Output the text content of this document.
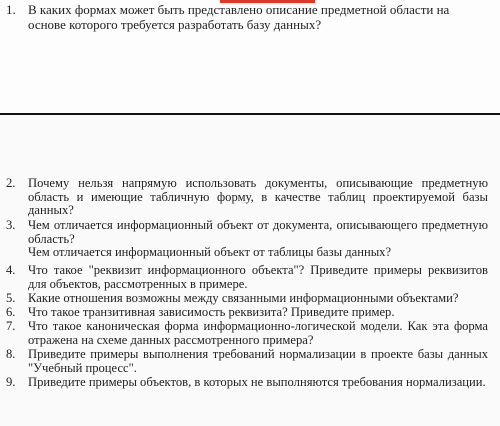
1. В каких формах может быть представлено описание предметной области на основе которого требуется разработать базу данных?
2. Почему нельзя напрямую использовать документы, описывающие предметную область и имеющие табличную форму, в качестве таблиц проектируемой базы данных?
3. Чем отличается информационный объект от документа, описывающего предметную область?
Чем отличается информационный объект от таблицы базы данных?
4. Что такое "реквизит информационного объекта"? Приведите примеры реквизитов для объектов, рассмотренных в примере.
5. Какие отношения возможны между связанными информационными объектами?
6. Что такое транзитивная зависимость реквизита? Приведите пример.
7. Что такое каноническая форма информационно-логической модели. Как эта форма отражена на схеме данных рассмотренного примера?
8. Приведите примеры выполнения требований нормализации в проекте базы данных "Учебный процесс".
9. Приведите примеры объектов, в которых не выполняются требования нормализации.
